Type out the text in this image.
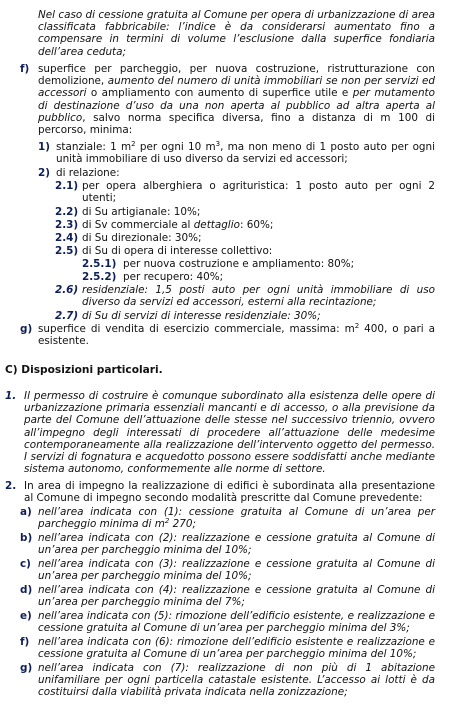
Nel caso di cessione gratuita al Comune per opera di urbanizzazione di area classificata fabbricabile: l’indice è da considerarsi aumentato fino a compensare in termini di volume l’esclusione dalla superfice fondiaria dell’area ceduta;
f) superfice per parcheggio, per nuova costruzione, ristrutturazione con demolizione, aumento del numero di unità immobiliari se non per servizi ed accessori o ampliamento con aumento di superfice utile e per mutamento di destinazione d’uso da una non aperta al pubblico ad altra aperta al pubblico, salvo norma specifica diversa, fino a distanza di m 100 di percorso, minima:
1) stanziale: 1 $m^2$ per ogni 10 $m^3$, ma non meno di 1 posto auto per ogni unità immobiliare di uso diverso da servizi ed accessori;
2) di relazione:
2.1) per opera alberghiera o agrituristica: 1 posto auto per ogni 2 utenti;
2.2) di Su artigianale: 10%;
2.3) di Sv commerciale al dettaglio: 60%;
2.4) di Su direzionale: 30%;
2.5) di Su di opera di interesse collettivo:
2.5.1) per nuova costruzione e ampliamento: 80%;
2.5.2) per recupero: 40%;
2.6) residenziale: 1,5 posti auto per ogni unità immobiliare di uso diverso da servizi ed accessori, esterni alla recintazione;
2.7) di Su di servizi di interesse residenziale: 30%;
g) superfice di vendita di esercizio commerciale, massima: $m^2$ 400, o pari a esistente.
C) Disposizioni particolari.
1. Il permesso di costruire è comunque subordinato alla esistenza delle opere di urbanizzazione primaria essenziali mancanti e di accesso, o alla previsione da parte del Comune dell’attuazione delle stesse nel successivo triennio, ovvero all’impegno degli interessati di procedere all’attuazione delle medesime contemporaneamente alla realizzazione dell’intervento oggetto del permesso. I servizi di fognatura e acquedotto possono essere soddisfatti anche mediante sistema autonomo, conformemente alle norme di settore.
2. In area di impegno la realizzazione di edifici è subordinata alla presentazione al Comune di impegno secondo modalità prescritte dal Comune prevedente:
a) nell’area indicata con (1): cessione gratuita al Comune di un’area per parcheggio minima di $m^2$ 270;
b) nell’area indicata con (2): realizzazione e cessione gratuita al Comune di un’area per parcheggio minima del 10%;
c) nell’area indicata con (3): realizzazione e cessione gratuita al Comune di un’area per parcheggio minima del 10%;
d) nell’area indicata con (4): realizzazione e cessione gratuita al Comune di un’area per parcheggio minima del 7%;
e) nell’area indicata con (5): rimozione dell’edificio esistente, e realizzazione e cessione gratuita al Comune di un’area per parcheggio minima del 3%;
f) nell’area indicata con (6): rimozione dell’edificio esistente e realizzazione e cessione gratuita al Comune di un’area per parcheggio minima del 10%;
g) nell’area indicata con (7): realizzazione di non più di 1 abitazione unifamiliare per ogni particella catastale esistente. L’accesso ai lotti è da costituirsi dalla viabilità privata indicata nella zonizzazione;
